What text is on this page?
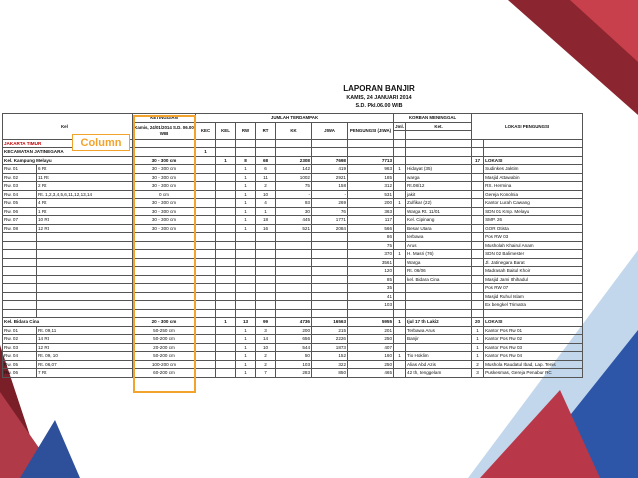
LAPORAN BANJIR
KAMIS, 24 JANUARI 2014
S.D. Pkl.06.00 WIB
Kel		KETINGGIAN	JUMLAH TERDAMPAK							KORBAN MENINGGAL		LOKASI PENGUNGSI	
		Kamis, 24/01/2014 S.D. 06.00 WIB	KEC	KEL	RW	RT	KK	JIWA	PENGUNGSI (JIWA)	Jml.	Ket.		

JAKARTA TIMUR													
KECAMATAN JATINEGARA			1										
Kel. Kampung Melayu		30 - 300 cm		1	8	68	2308	7698	7713			17	LOKASI
Rw. 01	6 Rt	30 - 300 cm			1	6	142	419	963	1	Hidayat (35)		Sudinkes Jaktim
Rw. 02	11 Rt	30 - 300 cm			1	11	1002	2921	185		warga		Masjid Attawabin
Rw. 03	2 Rt	30 - 300 cm			1	2	75	158	312		Rt.08/12		RS. Hermina
Rw. 04	Rt. 1,2,3,4,5,6,11,12,13,14	0 cm			1	10	-	-	531		jakit		Gereja Konolnia
Rw. 05	4 Rt	30 - 300 cm			1	4	93	269	200	1	Zulfikar (22)		Kantor Lurah Cawang
Rw. 06	1 Rt	30 - 300 cm			1	1	30	76	363		Warga Rt. 11/01		SDN 01 Kmp. Melayu
Rw. 07	10 Rt	30 - 300 cm			1	18	445	1771	117		Kel. Cipinang		SMP. 26
Rw. 08	12 Rt	30 - 300 cm			1	16	521	2084	566		Besar Utara		GOR Otista
									86		terbawa		Pos RW 03
									75		Arus		Musholah Khairul Anam
									370	1	H. Masri (76)		SDN 02 Balimester
									3561		Warga		Jl. Jatinegara Barat
									120		Rt. 06/06		Madrasah Baitul Khoir
									85		kel. Bidara Cina		Masjid Jami Ithihadul
									35				Pos RW 07
									41				Masjid Ruhul Islam
									103				Ex bengkel Trimatra

Kel. Bidara Cina		20 - 300 cm		1	13	99	4736	16563	5955	1	Ijul 17 th Laki2	20	LOKASI
Rw. 01	Rt. 09,11	50-250 cm			1	3	200	215	201		Terbawa Arus	1	Kantor Pos Rw 01
Rw. 02	14 Rt	50-200 cm			1	14	656	2226	250		Banjir	1	Kantor Pos Rw 02
Rw. 03	12 Rt	20-200 cm			1	10	544	1873	407			1	Kantor Pos Rw 03
Rw. 04	Rt. 09, 10	50-200 cm			1	2	50	152	160	1	Tio Hoklim	1	Kantor Pos Rw 04
Rw. 05	Rt. 06,07	100-200 cm			1	2	103	322	250		Alias Abd Azis	2	Mushola Raudatul Ibad, Lap. Tenis
Rw. 06	7 Rt	60-200 cm			1	7	283	850	465		42 th, tenggelam	3	Puskesmas, Gereja Penabur RC
Column
